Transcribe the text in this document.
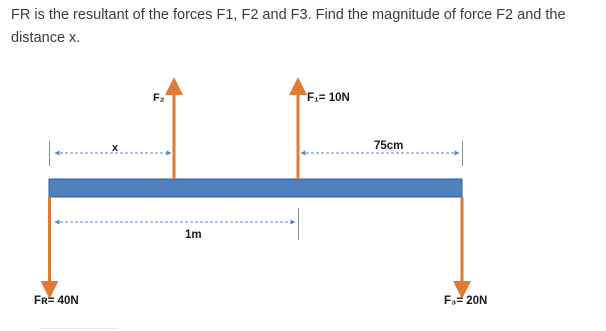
FR is the resultant of the forces F1, F2 and F3. Find the magnitude of force F2 and the distance x.
F₂	F₁= 10N
x	75cm
1m
Fʀ= 40N	F₃= 20N
